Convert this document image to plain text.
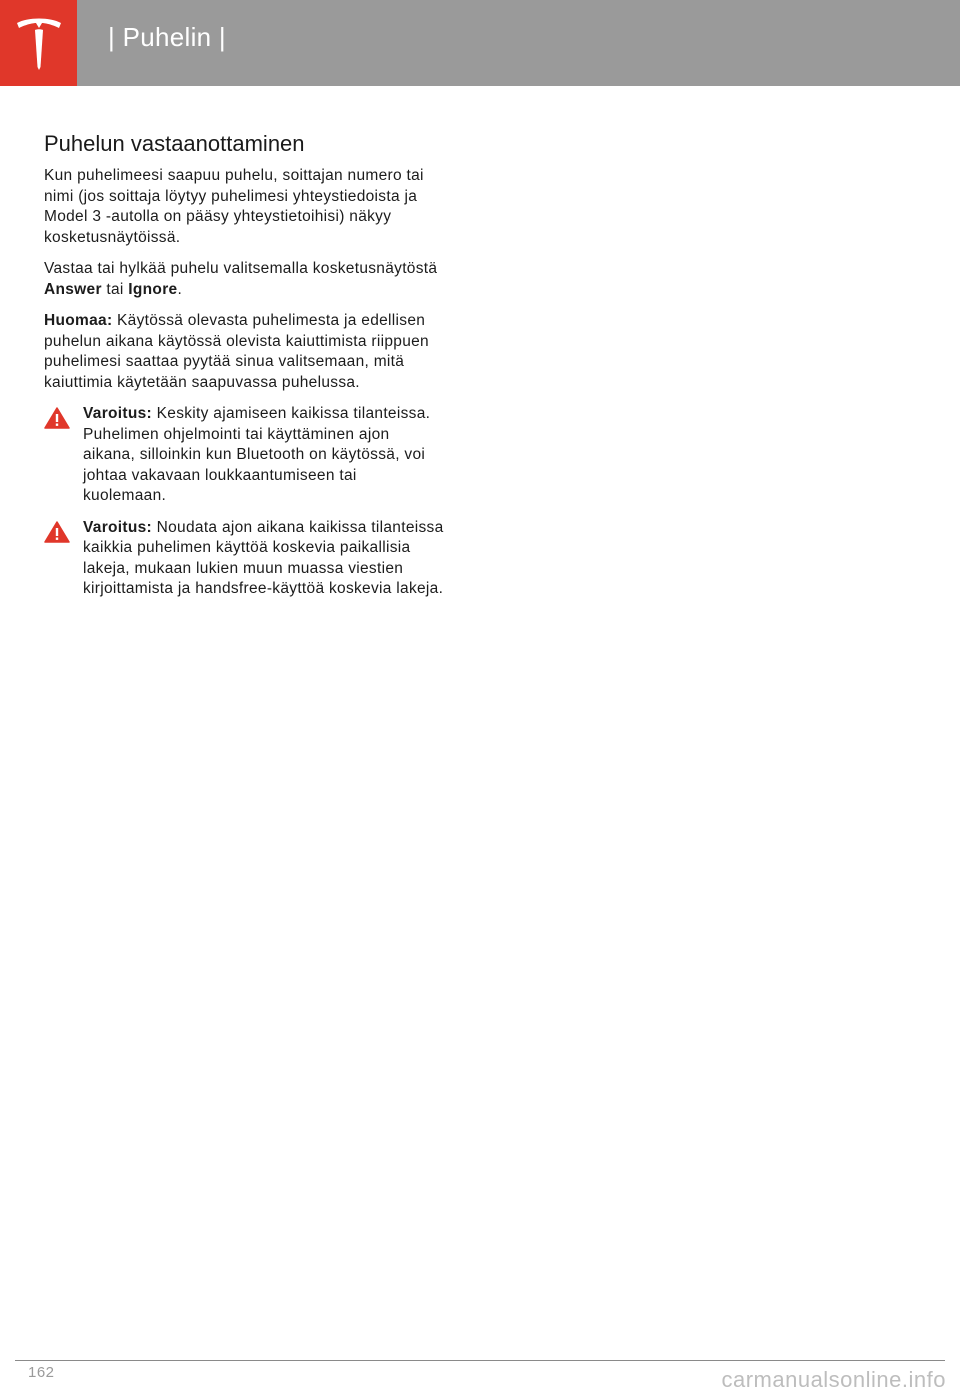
| Puhelin |
Puhelun vastaanottaminen

Kun puhelimeesi saapuu puhelu, soittajan numero tai nimi (jos soittaja löytyy puhelimesi yhteystiedoista ja Model 3 -autolla on pääsy yhteystietoihisi) näkyy kosketusnäytöissä.

Vastaa tai hylkää puhelu valitsemalla kosketusnäytöstä Answer tai Ignore.

Huomaa: Käytössä olevasta puhelimesta ja edellisen puhelun aikana käytössä olevista kaiuttimista riippuen puhelimesi saattaa pyytää sinua valitsemaan, mitä kaiuttimia käytetään saapuvassa puhelussa.

Varoitus: Keskity ajamiseen kaikissa tilanteissa. Puhelimen ohjelmointi tai käyttäminen ajon aikana, silloinkin kun Bluetooth on käytössä, voi johtaa vakavaan loukkaantumiseen tai kuolemaan.

Varoitus: Noudata ajon aikana kaikissa tilanteissa kaikkia puhelimen käyttöä koskevia paikallisia lakeja, mukaan lukien muun muassa viestien kirjoittamista ja handsfree-käyttöä koskevia lakeja.

162	carmanualsonline.info
